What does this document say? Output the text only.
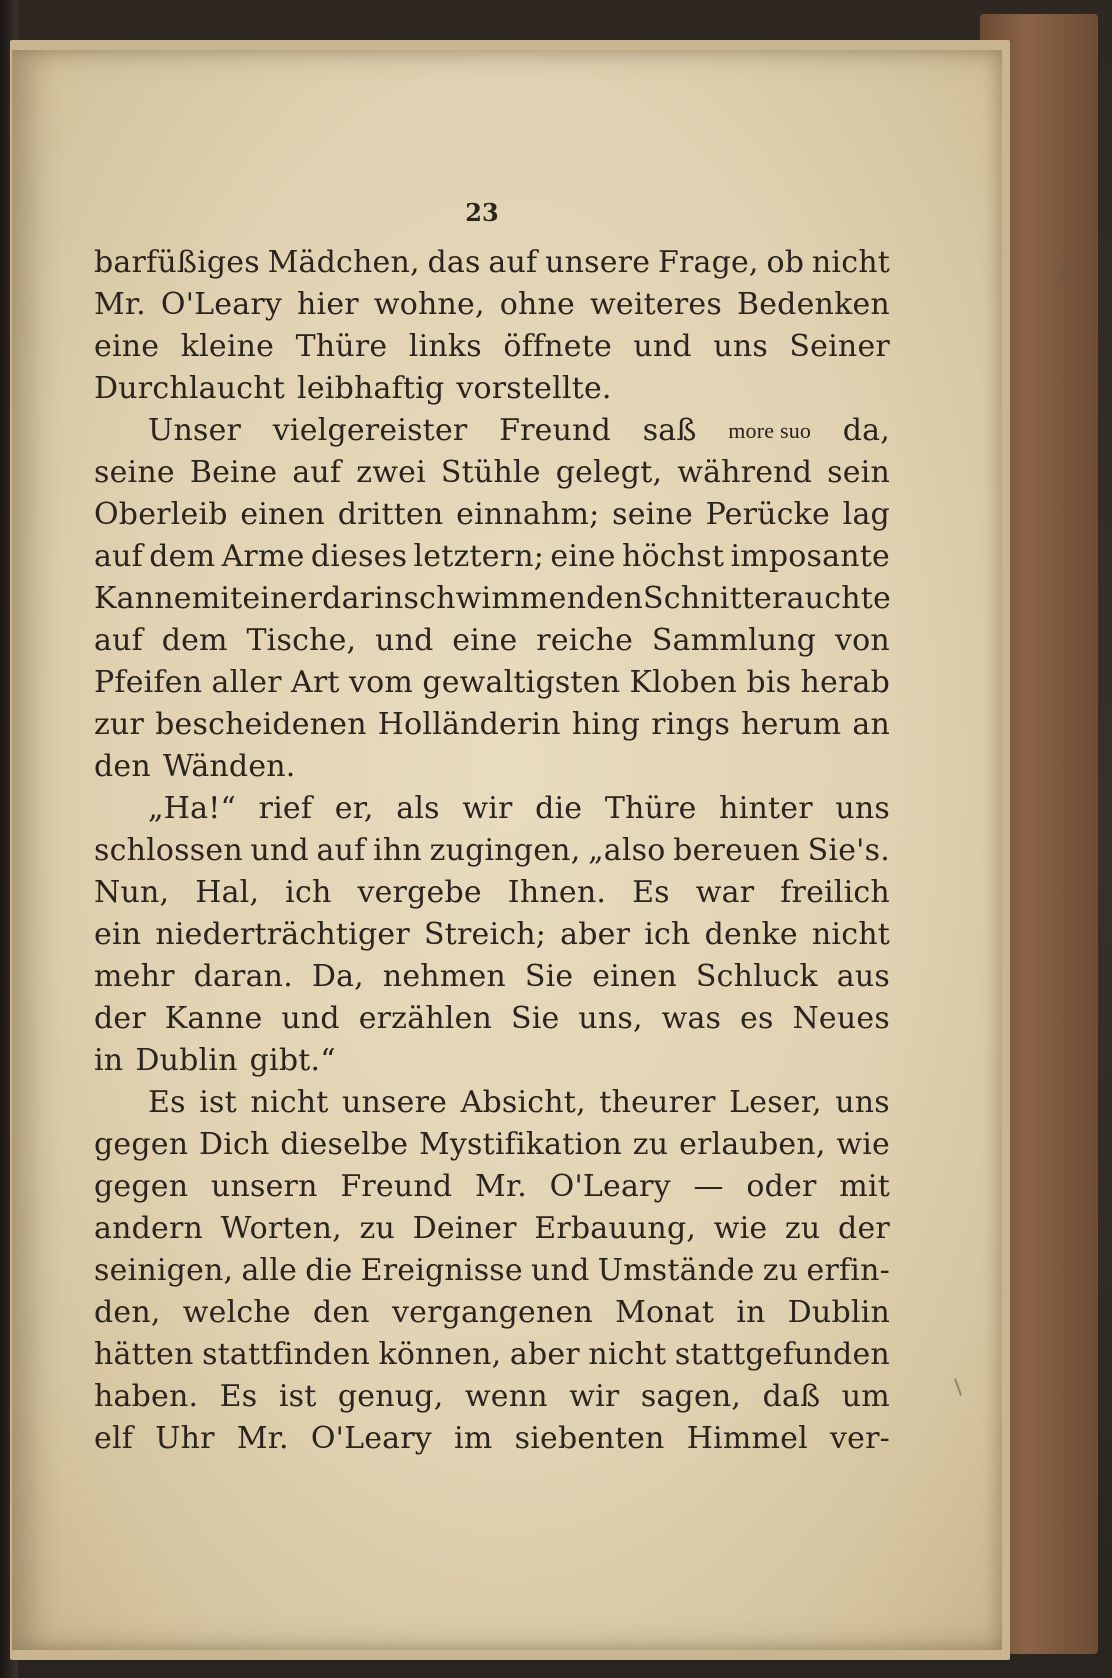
23
barfüßiges Mädchen, das auf unsere Frage, ob nicht
Mr. O'Leary hier wohne, ohne weiteres Bedenken
eine kleine Thüre links öffnete und uns Seiner
Durchlaucht leibhaftig vorstellte.
Unser vielgereister Freund saß more suo da,
seine Beine auf zwei Stühle gelegt, während sein
Oberleib einen dritten einnahm; seine Perücke lag
auf dem Arme dieses letztern; eine höchst imposante
Kanne mit einer darin schwimmenden Schnitte rauchte
auf dem Tische, und eine reiche Sammlung von
Pfeifen aller Art vom gewaltigsten Kloben bis herab
zur bescheidenen Holländerin hing rings herum an
den Wänden.
„Ha!“ rief er, als wir die Thüre hinter uns
schlossen und auf ihn zugingen, „also bereuen Sie's.
Nun, Hal, ich vergebe Ihnen. Es war freilich
ein niederträchtiger Streich; aber ich denke nicht
mehr daran. Da, nehmen Sie einen Schluck aus
der Kanne und erzählen Sie uns, was es Neues
in Dublin gibt.“
Es ist nicht unsere Absicht, theurer Leser, uns
gegen Dich dieselbe Mystifikation zu erlauben, wie
gegen unsern Freund Mr. O'Leary — oder mit
andern Worten, zu Deiner Erbauung, wie zu der
seinigen, alle die Ereignisse und Umstände zu erfin-
den, welche den vergangenen Monat in Dublin
hätten stattfinden können, aber nicht stattgefunden
haben. Es ist genug, wenn wir sagen, daß um
elf Uhr Mr. O'Leary im siebenten Himmel ver-
